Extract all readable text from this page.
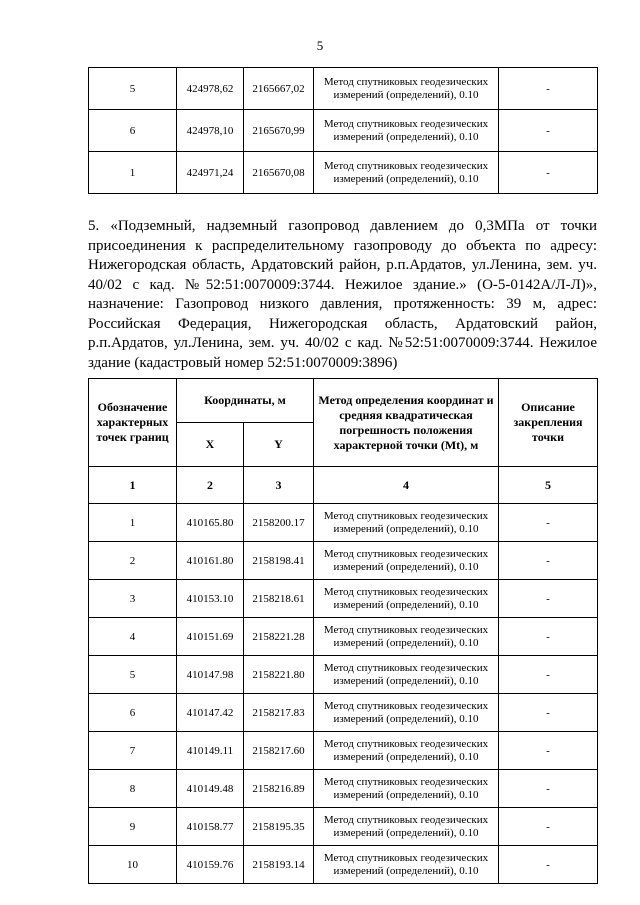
5
5	424978,62	2165667,02	Метод спутниковых геодезических
измерений (определений), 0.10	-
6	424978,10	2165670,99	Метод спутниковых геодезических
измерений (определений), 0.10	-
1	424971,24	2165670,08	Метод спутниковых геодезических
измерений (определений), 0.10	-

5. «Подземный, надземный газопровод давлением до 0,3МПа от точки присоединения к распределительному газопроводу до объекта по адресу: Нижегородская область, Ардатовский район, р.п.Ардатов, ул.Ленина, зем. уч. 40/02 с кад. №52:51:0070009:3744. Нежилое здание.» (О-5-0142А/Л-Л)», назначение: Газопровод низкого давления, протяженность: 39 м, адрес: Российская Федерация, Нижегородская область, Ардатовский район, р.п.Ардатов, ул.Ленина, зем. уч. 40/02 с кад. №52:51:0070009:3744. Нежилое здание (кадастровый номер 52:51:0070009:3896)

Обозначение характерных точек границ	Координаты, м		Метод определения координат и средняя квадратическая погрешность положения характерной точки (Mt), м	Описание закрепления точки
	X	Y		
1	2	3	4	5
1	410165.80	2158200.17	Метод спутниковых геодезических
измерений (определений), 0.10	-
2	410161.80	2158198.41	Метод спутниковых геодезических
измерений (определений), 0.10	-
3	410153.10	2158218.61	Метод спутниковых геодезических
измерений (определений), 0.10	-
4	410151.69	2158221.28	Метод спутниковых геодезических
измерений (определений), 0.10	-
5	410147.98	2158221.80	Метод спутниковых геодезических
измерений (определений), 0.10	-
6	410147.42	2158217.83	Метод спутниковых геодезических
измерений (определений), 0.10	-
7	410149.11	2158217.60	Метод спутниковых геодезических
измерений (определений), 0.10	-
8	410149.48	2158216.89	Метод спутниковых геодезических
измерений (определений), 0.10	-
9	410158.77	2158195.35	Метод спутниковых геодезических
измерений (определений), 0.10	-
10	410159.76	2158193.14	Метод спутниковых геодезических
измерений (определений), 0.10	-
